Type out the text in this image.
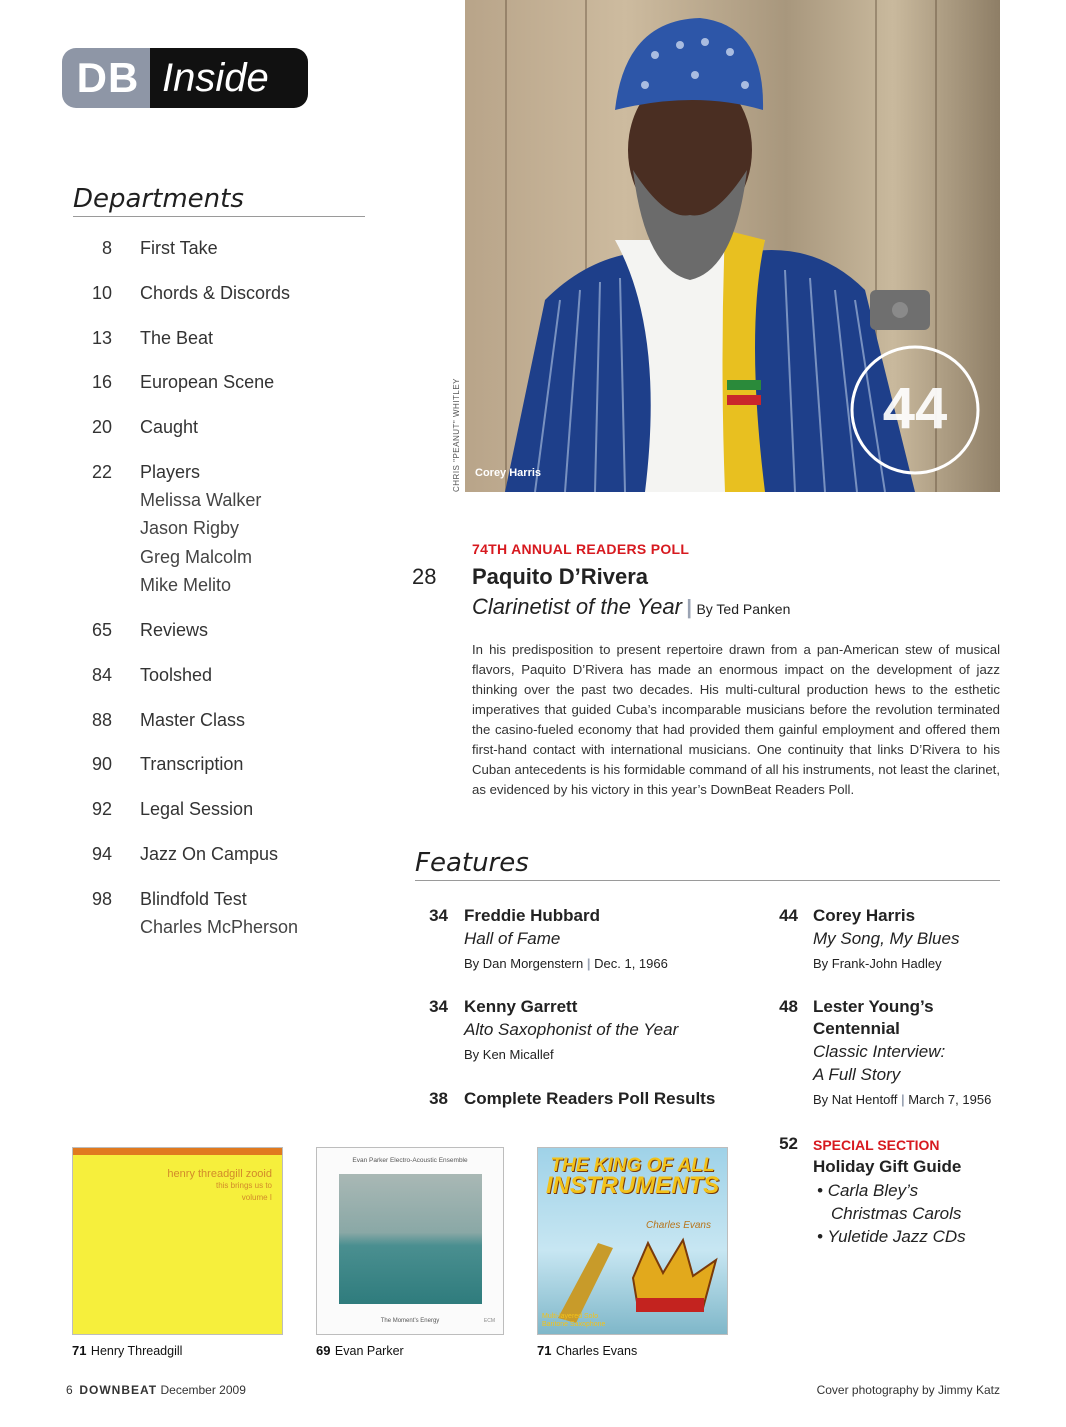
DB Inside
Departments
8 First Take
10 Chords & Discords
13 The Beat
16 European Scene
20 Caught
22 Players
Melissa Walker
Jason Rigby
Greg Malcolm
Mike Melito
65 Reviews
84 Toolshed
88 Master Class
90 Transcription
92 Legal Session
94 Jazz On Campus
98 Blindfold Test
Charles McPherson
44
Corey Harris
CHRIS "PEANUT" WHITLEY
74TH ANNUAL READERS POLL
28 Paquito D’Rivera
Clarinetist of the Year | By Ted Panken
In his predisposition to present repertoire drawn from a pan-American stew of musical flavors, Paquito D’Rivera has made an enormous impact on the development of jazz thinking over the past two decades. His multi-cultural production hews to the esthetic imperatives that guided Cuba’s incomparable musicians before the revolution terminated the casino-fueled economy that had provided them gainful employment and offered them first-hand contact with international musicians. One continuity that links D’Rivera to his Cuban antecedents is his formidable command of all his instruments, not least the clarinet, as evidenced by his victory in this year’s DownBeat Readers Poll.
Features
34 Freddie Hubbard
Hall of Fame
By Dan Morgenstern | Dec. 1, 1966
34 Kenny Garrett
Alto Saxophonist of the Year
By Ken Micallef
38 Complete Readers Poll Results
44 Corey Harris
My Song, My Blues
By Frank-John Hadley
48 Lester Young’s
Centennial
Classic Interview:
A Full Story
By Nat Hentoff | March 7, 1956
52 SPECIAL SECTION
Holiday Gift Guide
• Carla Bley’s
Christmas Carols
• Yuletide Jazz CDs
henry threadgill zooid
this brings us to
volume I
71 Henry Threadgill
Evan Parker Electro-Acoustic Ensemble
The Moment’s Energy	ECM
69 Evan Parker
THE KING OF ALL
INSTRUMENTS
Charles Evans
Multi-layered Solo
Baritone Saxophone
71 Charles Evans
6 DOWNBEAT December 2009	Cover photography by Jimmy Katz
